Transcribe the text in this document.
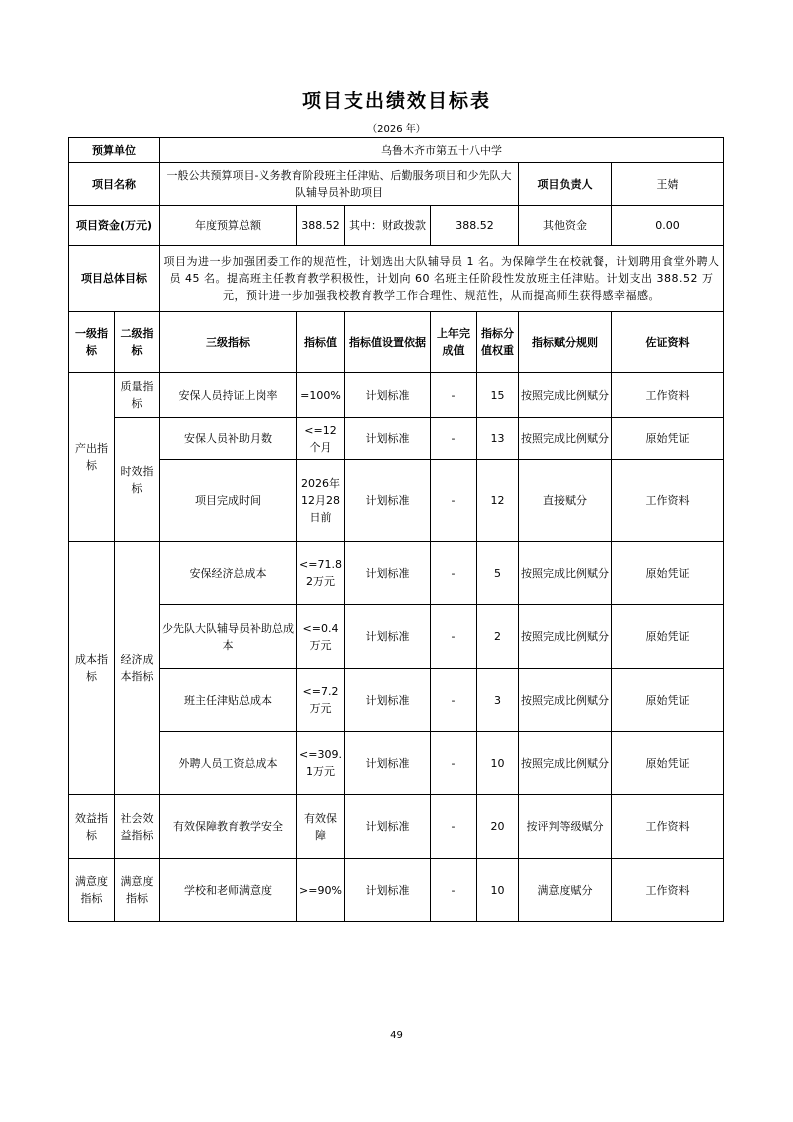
项目支出绩效目标表
（2026 年）
预算单位		乌鲁木齐市第五十八中学						
项目名称		一般公共预算项目-义务教育阶段班主任津贴、后勤服务项目和少先队大队辅导员补助项目					项目负责人	王婧
项目资金(万元)		年度预算总额	388.52	其中：财政拨款	388.52		其他资金	0.00
项目总体目标		项目为进一步加强团委工作的规范性，计划选出大队辅导员 1 名。为保障学生在校就餐，计划聘用食堂外聘人员 45 名。提高班主任教育教学积极性，计划向 60 名班主任阶段性发放班主任津贴。计划支出 388.52 万元，预计进一步加强我校教育教学工作合理性、规范性，从而提高师生获得感幸福感。						
一级指标	二级指标	三级指标	指标值	指标值设置依据	上年完成值	指标分值权重	指标赋分规则	佐证资料
产出指标	质量指标	安保人员持证上岗率	=100%	计划标准	-	15	按照完成比例赋分	工作资料
	时效指标	安保人员补助月数	<=12个月	计划标准	-	13	按照完成比例赋分	原始凭证
		项目完成时间	2026年12月28日前	计划标准	-	12	直接赋分	工作资料
成本指标	经济成本指标	安保经济总成本	<=71.82万元	计划标准	-	5	按照完成比例赋分	原始凭证
		少先队大队辅导员补助总成本	<=0.4万元	计划标准	-	2	按照完成比例赋分	原始凭证
		班主任津贴总成本	<=7.2万元	计划标准	-	3	按照完成比例赋分	原始凭证
		外聘人员工资总成本	<=309.1万元	计划标准	-	10	按照完成比例赋分	原始凭证
效益指标	社会效益指标	有效保障教育教学安全	有效保障	计划标准	-	20	按评判等级赋分	工作资料
满意度指标	满意度指标	学校和老师满意度	>=90%	计划标准	-	10	满意度赋分	工作资料
49
